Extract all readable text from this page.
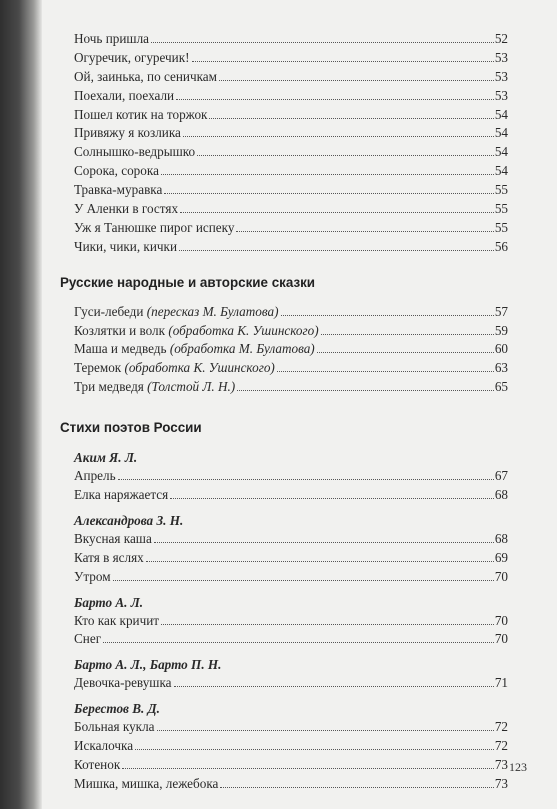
Ночь пришла	52
Огуречик, огуречик!	53
Ой, заинька, по сеничкам	53
Поехали, поехали	53
Пошел котик на торжок	54
Привяжу я козлика	54
Солнышко-ведрышко	54
Сорока, сорока	54
Травка-муравка	55
У Аленки в гостях	55
Уж я Танюшке пирог испеку	55
Чики, чики, кички	56
Русские народные и авторские сказки
Гуси-лебеди (пересказ М. Булатова)	57
Козлятки и волк (обработка К. Ушинского)	59
Маша и медведь (обработка М. Булатова)	60
Теремок (обработка К. Ушинского)	63
Три медведя (Толстой Л. Н.)	65
Стихи поэтов России
Аким Я. Л.
Апрель	67
Елка наряжается	68
Александрова З. Н.
Вкусная каша	68
Катя в яслях	69
Утром	70
Барто А. Л.
Кто как кричит	70
Снег	70
Барто А. Л., Барто П. Н.
Девочка-ревушка	71
Берестов В. Д.
Больная кукла	72
Искалочка	72
Котенок	73
Мишка, мишка, лежебока	73
123
